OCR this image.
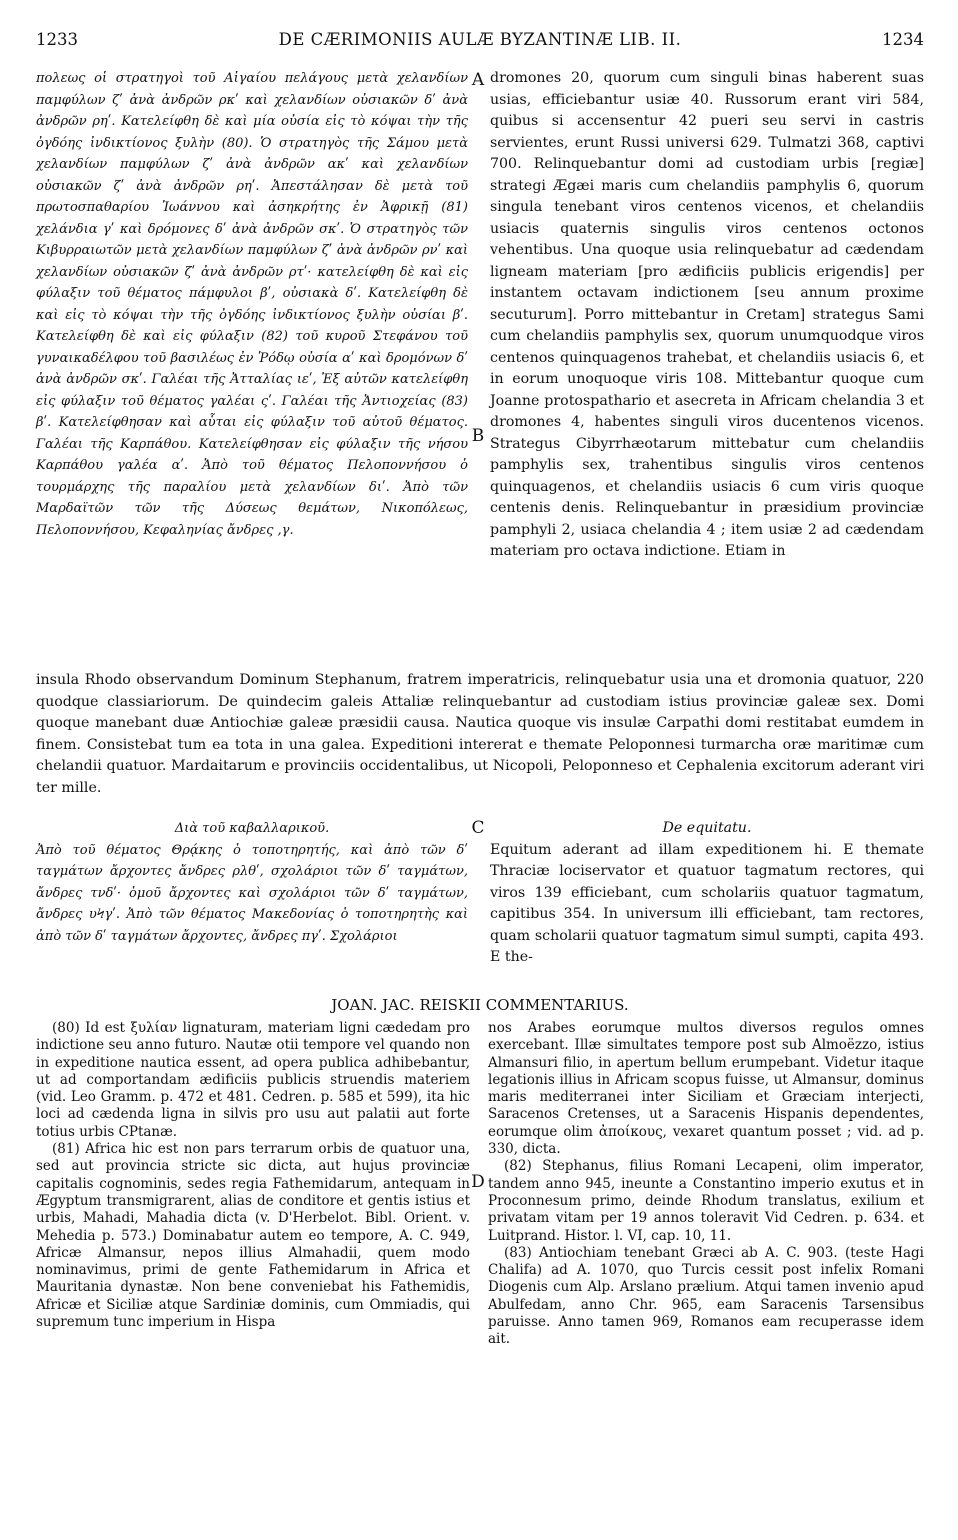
1233	DE CÆRIMONIIS AULÆ BYZANTINÆ LIB. II.	1234
πολεως οἱ στρατηγοὶ τοῦ Αἰγαίου πελάγους μετὰ χελανδίων παμφύλων ζʹ ἀνὰ ἀνδρῶν ρκʹ καὶ χελανδίων οὐσιακῶν δʹ ἀνὰ ἀνδρῶν ρηʹ. Κατελείφθη δὲ καὶ μία οὐσία εἰς τὸ κόψαι τὴν τῆς ὀγδόης ἰνδικτίονος ξυλὴν (80). Ὁ στρατηγὸς τῆς Σάμου μετὰ χελανδίων παμφύλων ζʹ ἀνὰ ἀνδρῶν ακʹ καὶ χελανδίων οὐσιακῶν ζʹ ἀνὰ ἀνδρῶν ρηʹ. Ἀπεστάλησαν δὲ μετὰ τοῦ πρωτοσπαθαρίου Ἰωάννου καὶ ἀσηκρήτης ἐν Ἀφρικῇ (81) χελάνδια γʹ καὶ δρόμονες δʹ ἀνὰ ἀνδρῶν σκʹ. Ὁ στρατηγὸς τῶν Κιβυρραιωτῶν μετὰ χελανδίων παμφύλων ζʹ ἀνὰ ἀνδρῶν ρνʹ καὶ χελανδίων οὐσιακῶν ζʹ ἀνὰ ἀνδρῶν ρτʹ· κατελείφθη δὲ καὶ εἰς φύλαξιν τοῦ θέματος πάμφυλοι βʹ, οὐσιακὰ δʹ. Κατελείφθη δὲ καὶ εἰς τὸ κόψαι τὴν τῆς ὀγδόης ἰνδικτίονος ξυλὴν οὐσίαι βʹ. Κατελείφθη δὲ καὶ εἰς φύλαξιν (82) τοῦ κυροῦ Στεφάνου τοῦ γυναικαδέλφου τοῦ βασιλέως ἐν Ῥόδῳ οὐσία αʹ καὶ δρομόνων δʹ ἀνὰ ἀνδρῶν σκʹ. Γαλέαι τῆς Ἀτταλίας ιεʹ, Ἐξ αὐτῶν κατελείφθη εἰς φύλαξιν τοῦ θέματος γαλέαι ςʹ. Γαλέαι τῆς Ἀντιοχείας (83) βʹ. Κατελείφθησαν καὶ αὗται εἰς φύλαξιν τοῦ αὐτοῦ θέματος. Γαλέαι τῆς Καρπάθου. Κατελείφθησαν εἰς φύλαξιν τῆς νήσου Καρπάθου γαλέα αʹ. Ἀπὸ τοῦ θέματος Πελοποννήσου ὁ τουρμάρχης τῆς παραλίου μετὰ χελανδίων διʹ. Ἀπὸ τῶν Μαρδαϊτῶν τῶν τῆς Δύσεως θεμάτων, Νικοπόλεως, Πελοποννήσου, Κεφαληνίας ἄνδρες ,γ.
dromones 20, quorum cum singuli binas haberent suas usias, efficiebantur usiæ 40. Russorum erant viri 584, quibus si accensentur 42 pueri seu servi in castris servientes, erunt Russi universi 629. Tulmatzi 368, captivi 700. Relinquebantur domi ad custodiam urbis [regiæ] strategi Ægæi maris cum chelandiis pamphylis 6, quorum singula tenebant viros centenos vicenos, et chelandiis usiacis quaternis singulis viros centenos octonos vehentibus. Una quoque usia relinquebatur ad cædendam ligneam materiam [pro ædificiis publicis erigendis] per instantem octavam indictionem [seu annum proxime secuturum]. Porro mittebantur in Cretam] strategus Sami cum chelandiis pamphylis sex, quorum unumquodque viros centenos quinquagenos trahebat, et chelandiis usiacis 6, et in eorum unoquoque viris 108. Mittebantur quoque cum Joanne protospathario et asecreta in Africam chelandia 3 et dromones 4, habentes singuli viros ducentenos vicenos. Strategus Cibyrrhæotarum mittebatur cum chelandiis pamphylis sex, trahentibus singulis viros centenos quinquagenos, et chelandiis usiacis 6 cum viris quoque centenis denis. Relinquebantur in præsidium provinciæ pamphyli 2, usiaca chelandia 4 ; item usiæ 2 ad cædendam materiam pro octava indictione. Etiam in
A
B
C
D
insula Rhodo observandum Dominum Stephanum, fratrem imperatricis, relinquebatur usia una et dromonia quatuor, 220 quodque classiariorum. De quindecim galeis Attaliæ relinquebantur ad custodiam istius provinciæ galeæ sex. Domi quoque manebant duæ Antiochiæ galeæ præsidii causa. Nautica quoque vis insulæ Carpathi domi restitabat eumdem in finem. Consistebat tum ea tota in una galea. Expeditioni intererat e themate Peloponnesi turmarcha oræ maritimæ cum chelandii quatuor. Mardaitarum e provinciis occidentalibus, ut Nicopoli, Peloponneso et Cephalenia excitorum aderant viri ter mille.
Διὰ τοῦ καβαλλαρικοῦ.
Ἀπὸ τοῦ θέματος Θρᾴκης ὁ τοποτηρητής, καὶ ἀπὸ τῶν δʹ ταγμάτων ἄρχοντες ἄνδρες ρλθʹ, σχολάριοι τῶν δʹ ταγμάτων, ἄνδρες τνδʹ· ὁμοῦ ἄρχοντες καὶ σχολάριοι τῶν δʹ ταγμάτων, ἄνδρες υϞγʹ. Ἀπὸ τῶν θέματος Μακεδονίας ὁ τοποτηρητὴς καὶ ἀπὸ τῶν δʹ ταγμάτων ἄρχοντες, ἄνδρες πγʹ. Σχολάριοι
De equitatu.
Equitum aderant ad illam expeditionem hi. E themate Thraciæ lociservator et quatuor tagmatum rectores, qui viros 139 efficiebant, cum scholariis quatuor tagmatum, capitibus 354. In universum illi efficiebant, tam rectores, quam scholarii quatuor tagmatum simul sumpti, capita 493. E the-
JOAN. JAC. REISKII COMMENTARIUS.

(80) Id est ξυλίαν lignaturam, materiam ligni cædedam pro indictione seu anno futuro. Nautæ otii tempore vel quando non in expeditione nautica essent, ad opera publica adhibebantur, ut ad comportandam ædificiis publicis struendis materiem (vid. Leo Gramm. p. 472 et 481. Cedren. p. 585 et 599), ita hic loci ad cædenda ligna in silvis pro usu aut palatii aut forte totius urbis CPtanæ.

(81) Africa hic est non pars terrarum orbis de quatuor una, sed aut provincia stricte sic dicta, aut hujus provinciæ capitalis cognominis, sedes regia Fathemidarum, antequam in Ægyptum transmigrarent, alias de conditore et gentis istius et urbis, Mahadi, Mahadia dicta (v. D'Herbelot. Bibl. Orient. v. Mehedia p. 573.) Dominabatur autem eo tempore, A. C. 949, Africæ Almansur, nepos illius Almahadii, quem modo nominavimus, primi de gente Fathemidarum in Africa et Mauritania dynastæ. Non bene conveniebat his Fathemidis, Africæ et Siciliæ atque Sardiniæ dominis, cum Ommiadis, qui supremum tunc imperium in Hispa

nos Arabes eorumque multos diversos regulos omnes exercebant. Illæ simultates tempore post sub Almoëzzo, istius Almansuri filio, in apertum bellum erumpebant. Videtur itaque legationis illius in Africam scopus fuisse, ut Almansur, dominus maris mediterranei inter Siciliam et Græciam interjecti, Saracenos Cretenses, ut a Saracenis Hispanis dependentes, eorumque olim ἀποίκους, vexaret quantum posset ; vid. ad p. 330, dicta.

(82) Stephanus, filius Romani Lecapeni, olim imperator, tandem anno 945, ineunte a Constantino imperio exutus et in Proconnesum primo, deinde Rhodum translatus, exilium et privatam vitam per 19 annos toleravit Vid Cedren. p. 634. et Luitprand. Histor. l. VI, cap. 10, 11.

(83) Antiochiam tenebant Græci ab A. C. 903. (teste Hagi Chalifa) ad A. 1070, quo Turcis cessit post infelix Romani Diogenis cum Alp. Arslano prælium. Atqui tamen invenio apud Abulfedam, anno Chr. 965, eam Saracenis Tarsensibus paruisse. Anno tamen 969, Romanos eam recuperasse idem ait.
